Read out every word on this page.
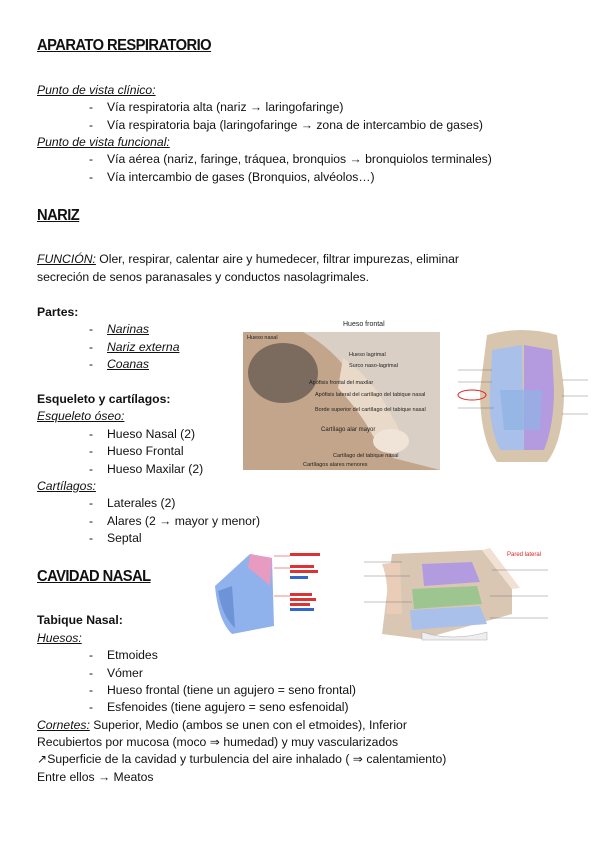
APARATO RESPIRATORIO
Punto de vista clínico:
- Vía respiratoria alta (nariz → laringofaringe)
- Vía respiratoria baja (laringofaringe → zona de intercambio de gases)
Punto de vista funcional:
- Vía aérea (nariz, faringe, tráquea, bronquios → bronquiolos terminales)
- Vía intercambio de gases (Bronquios, alvéolos…)
NARIZ
FUNCIÓN: Oler, respirar, calentar aire y humedecer, filtrar impurezas, eliminar
secreción de senos paranasales y conductos nasolagrimales.
Partes:
- Narinas
- Nariz externa
- Coanas
Esqueleto y cartílagos:
Esqueleto óseo:
- Hueso Nasal (2)
- Hueso Frontal
- Hueso Maxilar (2)
Cartílagos:
- Laterales (2)
- Alares (2 → mayor y menor)
- Septal
Hueso nasal
Hueso frontal
Hueso lagrimal
Surco naso-lagrimal
Apófisis frontal del maxilar
Apófisis lateral del cartílago del tabique nasal
Borde superior del cartílago del tabique nasal
Cartílago alar mayor
Cartílago del tabique nasal
Cartílagos alares menores
CAVIDAD NASAL
Tabique Nasal:
Huesos:
- Etmoides
- Vómer
- Hueso frontal (tiene un agujero = seno frontal)
- Esfenoides (tiene agujero = seno esfenoidal)
Cornetes: Superior, Medio (ambos se unen con el etmoides), Inferior
Recubiertos por mucosa (moco ⇒ humedad) y muy vascularizados
↗Superficie de la cavidad y turbulencia del aire inhalado ( ⇒ calentamiento)
Entre ellos → Meatos
Pared lateral
